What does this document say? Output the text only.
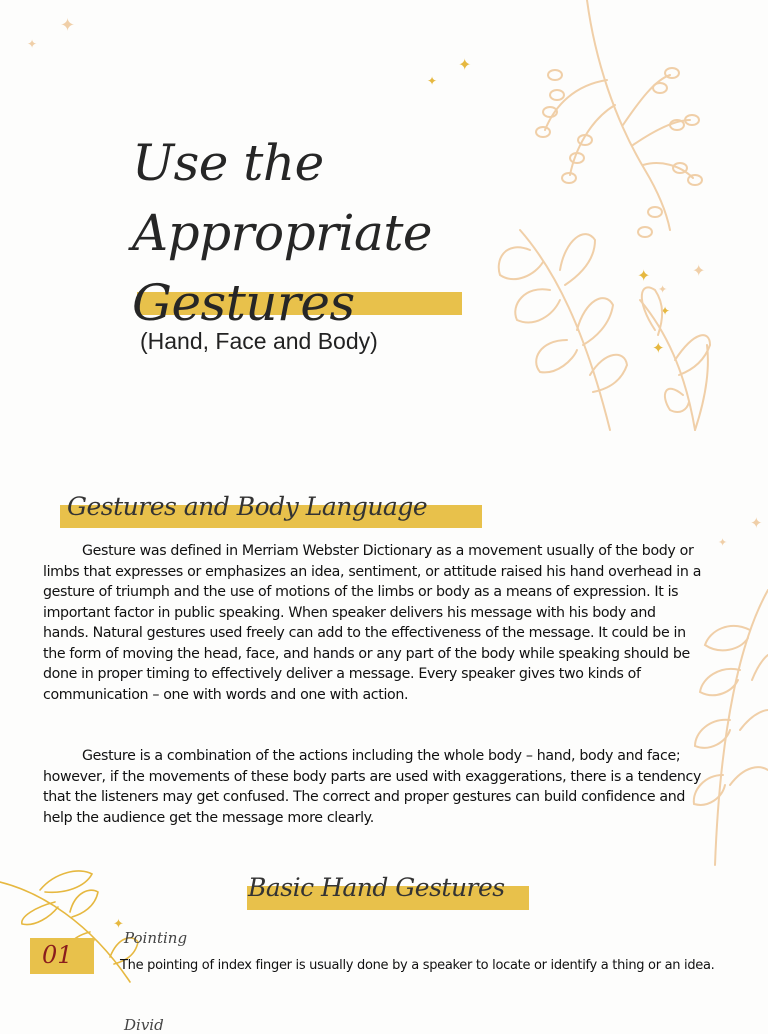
✦
✦
✦
✦
✦	✦
✦
✦
✦
✦
✦
✦

Use the

Appropriate

Gestures

(Hand, Face and Body)
Gestures and Body Language

Gesture was defined in Merriam Webster Dictionary as a movement usually of the body or limbs that expresses or emphasizes an idea, sentiment, or attitude raised his hand overhead in a gesture of triumph and the use of motions of the limbs or body as a means of expression. It is important factor in public speaking. When speaker delivers his message with his body and hands. Natural gestures used freely can add to the effectiveness of the message. It could be in the form of moving the head, face, and hands or any part of the body while speaking should be done in proper timing to effectively deliver a message. Every speaker gives two kinds of communication – one with words and one with action.

Gesture is a combination of the actions including the whole body – hand, body and face; however, if the movements of these body parts are used with exaggerations, there is a tendency that the listeners may get confused. The correct and proper gestures can build confidence and help the audience get the message more clearly.

Basic Hand Gestures
01
Pointing

The pointing of index finger is usually done by a speaker to locate or identify a thing or an idea.

Divid
